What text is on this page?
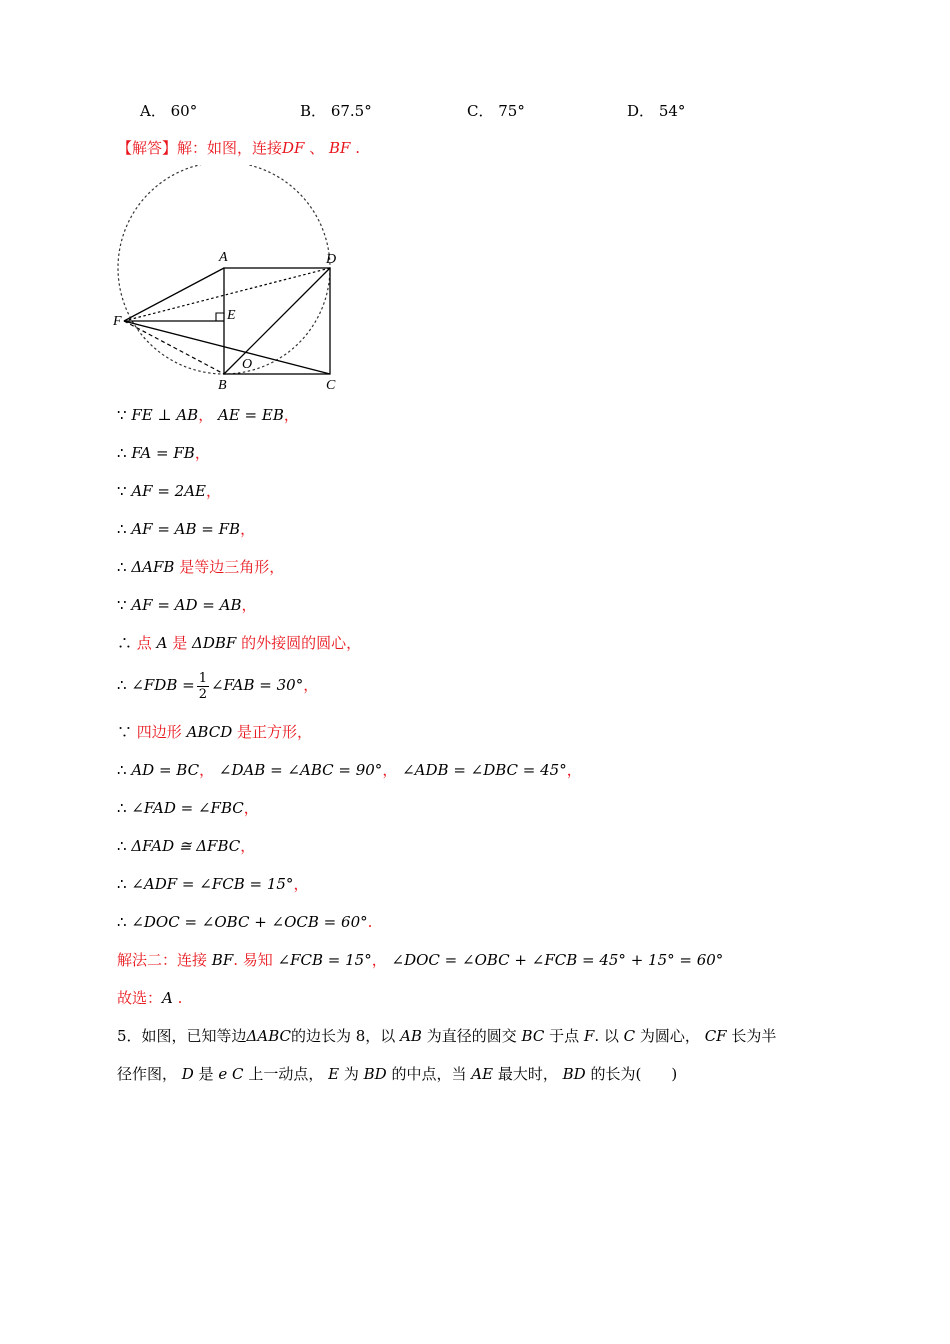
A． 60°	B． 67.5°	C． 75°	D． 54°
【解答】解：如图，连接DF 、 BF .
A	D
F	E
O
B	C
∵ FE ⊥ AB， AE = EB，
∴ FA = FB，
∵ AF = 2AE，
∴ AF = AB = FB，
∴ ΔAFB 是等边三角形，
∵ AF = AD = AB，
∴ 点 A 是 ΔDBF 的外接圆的圆心，
∴ ∠FDB = $\frac{1}{2}$ ∠FAB = 30°，
∵ 四边形 ABCD 是正方形，
∴ AD = BC， ∠DAB = ∠ABC = 90°， ∠ADB = ∠DBC = 45°，
∴ ∠FAD = ∠FBC，
∴ ΔFAD ≅ ΔFBC，
∴ ∠ADF = ∠FCB = 15°，
∴ ∠DOC = ∠OBC + ∠OCB = 60°.
解法二：连接 BF. 易知 ∠FCB = 15°， ∠DOC = ∠OBC + ∠FCB = 45° + 15° = 60°
故选：A .
5．如图，已知等边ΔABC的边长为 8，以 AB 为直径的圆交 BC 于点 F. 以 C 为圆心， CF 长为半
径作图， D 是 e C 上一动点， E 为 BD 的中点，当 AE 最大时， BD 的长为(　　)
